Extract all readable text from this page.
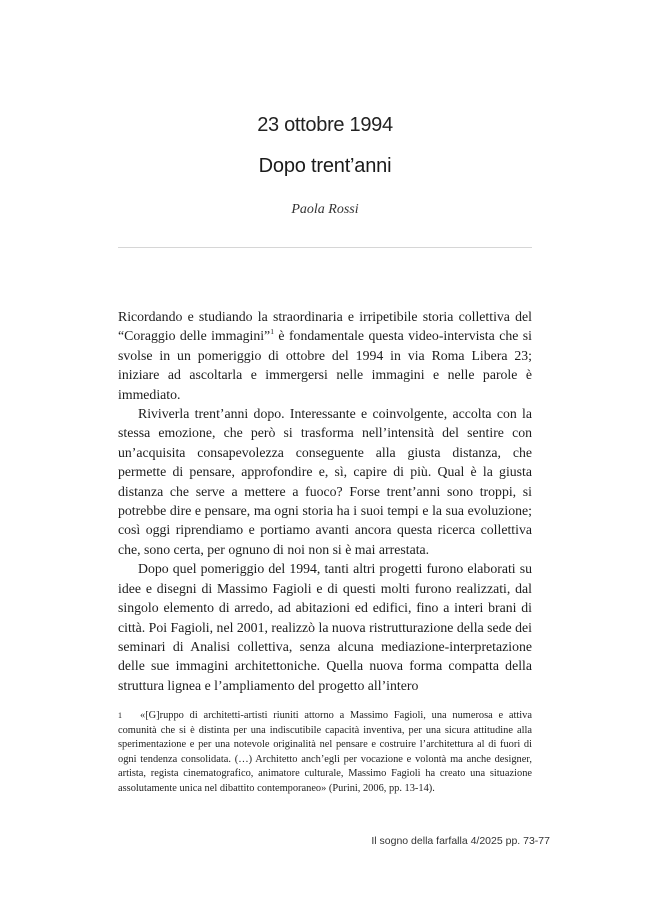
23 ottobre 1994
Dopo trent’anni
Paola Rossi

Ricordando e studiando la straordinaria e irripetibile storia collettiva del “Coraggio delle immagini”$^1$ è fondamentale questa video-intervista che si svolse in un pomeriggio di ottobre del 1994 in via Roma Libera 23; iniziare ad ascoltarla e immergersi nelle immagini e nelle parole è immediato.

Riviverla trent’anni dopo. Interessante e coinvolgente, accolta con la stessa emozione, che però si trasforma nell’intensità del sentire con un’acquisita consapevolezza conseguente alla giusta distanza, che permette di pensare, approfondire e, sì, capire di più. Qual è la giusta distanza che serve a mettere a fuoco? Forse trent’anni sono troppi, si potrebbe dire e pensare, ma ogni storia ha i suoi tempi e la sua evoluzione; così oggi riprendiamo e portiamo avanti ancora questa ricerca collettiva che, sono certa, per ognuno di noi non si è mai arrestata.

Dopo quel pomeriggio del 1994, tanti altri progetti furono elaborati su idee e disegni di Massimo Fagioli e di questi molti furono realizzati, dal singolo elemento di arredo, ad abitazioni ed edifici, fino a interi brani di città. Poi Fagioli, nel 2001, realizzò la nuova ristrutturazione della sede dei seminari di Analisi collettiva, senza alcuna mediazione-interpretazione delle sue immagini architettoniche. Quella nuova forma compatta della struttura lignea e l’ampliamento del progetto all’intero

1	«[G]ruppo di architetti-artisti riuniti attorno a Massimo Fagioli, una numerosa e attiva comunità che si è distinta per una indiscutibile capacità inventiva, per una sicura attitudine alla sperimentazione e per una notevole originalità nel pensare e costruire l’architettura al di fuori di ogni tendenza consolidata. (…) Architetto anch’egli per vocazione e volontà ma anche designer, artista, regista cinematografico, animatore culturale, Massimo Fagioli ha creato una situazione assolutamente unica nel dibattito contemporaneo» (Purini, 2006, pp. 13-14).
Il sogno della farfalla 4/2025 pp. 73-77
